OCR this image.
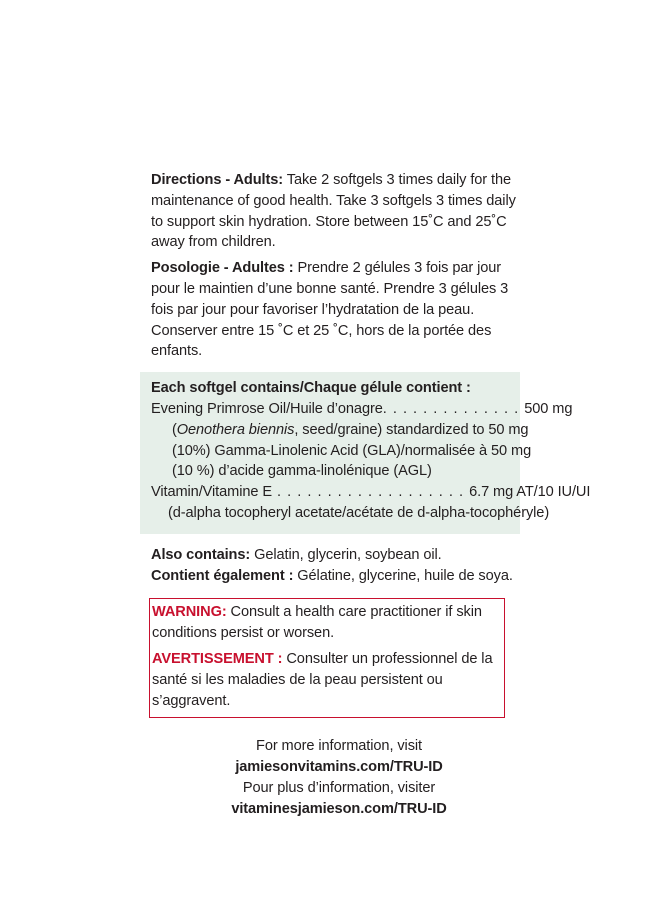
Directions - Adults: Take 2 softgels 3 times daily for the maintenance of good health. Take 3 softgels 3 times daily to support skin hydration. Store between 15˚C and 25˚C away from children.

Posologie - Adultes : Prendre 2 gélules 3 fois par jour pour le maintien d’une bonne santé. Prendre 3 gélules 3 fois par jour pour favoriser l’hydratation de la peau. Conserver entre 15 ˚C et 25 ˚C, hors de la portée des enfants.

Each softgel contains/Chaque gélule contient :
Evening Primrose Oil/Huile d’onagre. . . . . . . . . . . . . . 500 mg
(Oenothera biennis, seed/graine) standardized to 50 mg
(10%) Gamma-Linolenic Acid (GLA)/normalisée à 50 mg
(10 %) d’acide gamma-linolénique (AGL)
Vitamin/Vitamine E . . . . . . . . . . . . . . . . . . . 6.7 mg AT/10 IU/UI
(d-alpha tocopheryl acetate/acétate de d-alpha-tocophéryle)

Also contains: Gelatin, glycerin, soybean oil.

Contient également : Gélatine, glycerine, huile de soya.

WARNING: Consult a health care practitioner if skin conditions persist or worsen.

AVERTISSEMENT : Consulter un professionnel de la santé si les maladies de la peau persistent ou s’aggravent.

For more information, visit jamiesonvitamins.com/TRU-ID
Pour plus d’information, visiter
vitaminesjamieson.com/TRU-ID
